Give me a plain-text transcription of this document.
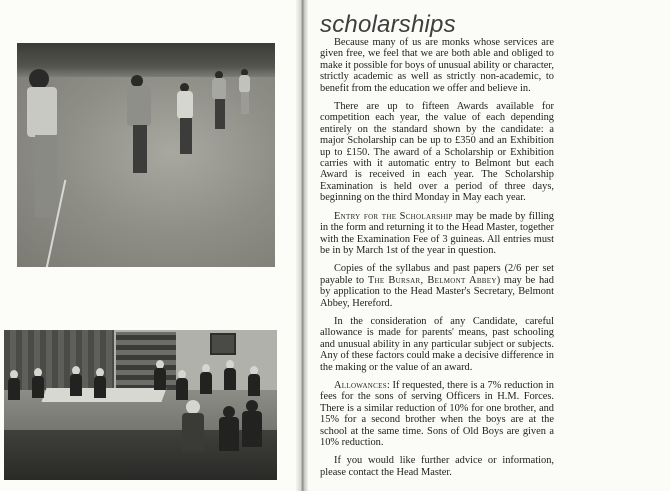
scholarships

Because many of us are monks whose services are given free, we feel that we are both able and obliged to make it possible for boys of unusual ability or character, strictly academic as well as strictly non-academic, to benefit from the education we offer and believe in.

There are up to fifteen Awards available for competition each year, the value of each depending entirely on the standard shown by the candidate: a major Scholarship can be up to £350 and an Exhibition up to £150. The award of a Scholarship or Exhibition carries with it automatic entry to Belmont but each Award is received in each year. The Scholarship Examination is held over a period of three days, beginning on the third Monday in May each year.

Entry for the Scholarship may be made by filling in the form and returning it to the Head Master, together with the Examination Fee of 3 guineas. All entries must be in by March 1st of the year in question.

Copies of the syllabus and past papers (2/6 per set payable to The Bursar, Belmont Abbey) may be had by application to the Head Master's Secretary, Belmont Abbey, Hereford.

In the consideration of any Candidate, careful allowance is made for parents' means, past schooling and unusual ability in any particular subject or subjects. Any of these factors could make a decisive difference in the making or the value of an award.

Allowances: If requested, there is a 7% reduction in fees for the sons of serving Officers in H.M. Forces. There is a similar reduction of 10% for one brother, and 15% for a second brother when the boys are at the school at the same time. Sons of Old Boys are given a 10% reduction.

If you would like further advice or information, please contact the Head Master.
